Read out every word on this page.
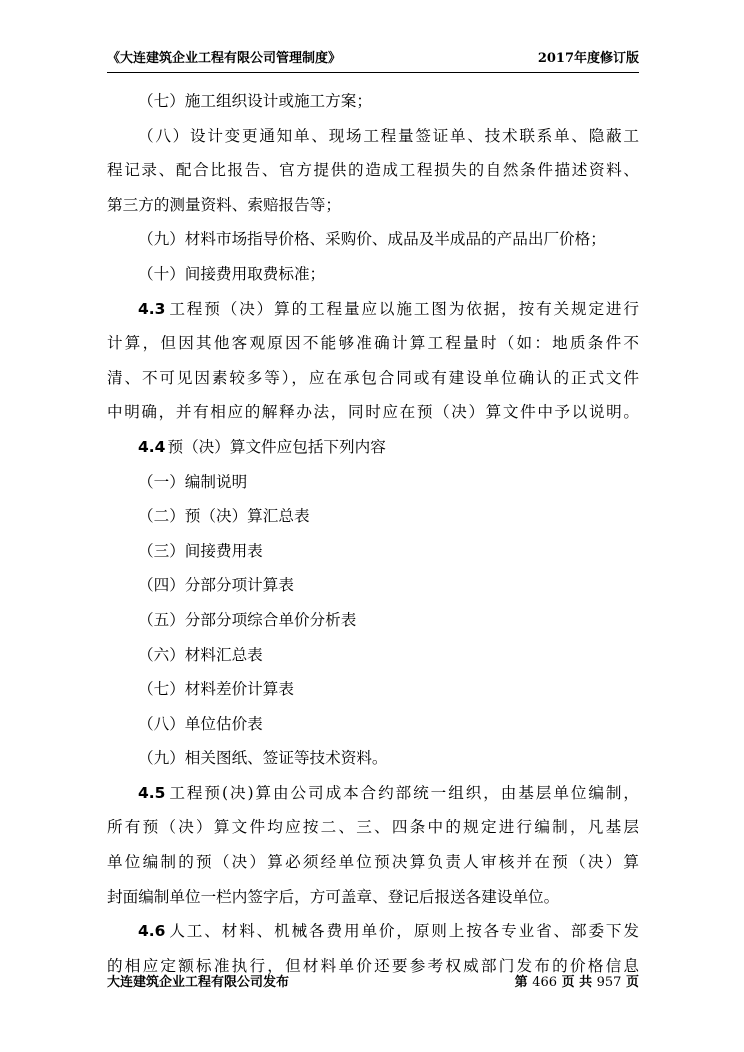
《大连建筑企业工程有限公司管理制度》	2017年度修订版
（七）施工组织设计或施工方案；
（八）设计变更通知单、现场工程量签证单、技术联系单、隐蔽工
程记录、配合比报告、官方提供的造成工程损失的自然条件描述资料、
第三方的测量资料、索赔报告等；
（九）材料市场指导价格、采购价、成品及半成品的产品出厂价格；
（十）间接费用取费标准；
4.3 工程预（决）算的工程量应以施工图为依据，按有关规定进行
计算，但因其他客观原因不能够准确计算工程量时（如：地质条件不
清、不可见因素较多等），应在承包合同或有建设单位确认的正式文件
中明确，并有相应的解释办法，同时应在预（决）算文件中予以说明。
4.4 预（决）算文件应包括下列内容
（一）编制说明
（二）预（决）算汇总表
（三）间接费用表
（四）分部分项计算表
（五）分部分项综合单价分析表
（六）材料汇总表
（七）材料差价计算表
（八）单位估价表
（九）相关图纸、签证等技术资料。
4.5 工程预(决)算由公司成本合约部统一组织，由基层单位编制，
所有预（决）算文件均应按二、三、四条中的规定进行编制，凡基层
单位编制的预（决）算必须经单位预决算负责人审核并在预（决）算
封面编制单位一栏内签字后，方可盖章、登记后报送各建设单位。
4.6 人工、材料、机械各费用单价，原则上按各专业省、部委下发
的相应定额标准执行，但材料单价还要参考权威部门发布的价格信息
大连建筑企业工程有限公司发布	第 466 页 共 957 页
